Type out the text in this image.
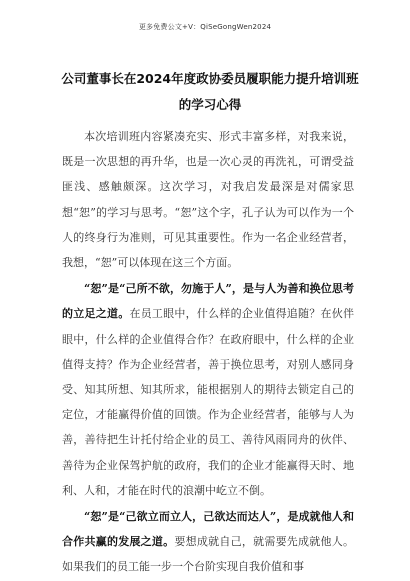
更多免费公文+V：QiSeGongWen2024
公司董事长在2024年度政协委员履职能力提升培训班的学习心得

本次培训班内容紧凑充实、形式丰富多样，对我来说，既是一次思想的再升华，也是一次心灵的再洗礼，可谓受益匪浅、感触颇深。这次学习，对我启发最深是对儒家思想“恕”的学习与思考。“恕”这个字，孔子认为可以作为一个人的终身行为准则，可见其重要性。作为一名企业经营者，我想，“恕”可以体现在这三个方面。

“恕”是“己所不欲，勿施于人”，是与人为善和换位思考的立足之道。在员工眼中，什么样的企业值得追随？在伙伴眼中，什么样的企业值得合作？在政府眼中，什么样的企业值得支持？作为企业经营者，善于换位思考，对别人感同身受、知其所想、知其所求，能根据别人的期待去锁定自己的定位，才能赢得价值的回馈。作为企业经营者，能够与人为善，善待把生计托付给企业的员工、善待风雨同舟的伙伴、善待为企业保驾护航的政府，我们的企业才能赢得天时、地利、人和，才能在时代的浪潮中屹立不倒。

“恕”是“己欲立而立人，己欲达而达人”，是成就他人和合作共赢的发展之道。要想成就自己，就需要先成就他人。如果我们的员工能一步一个台阶实现自我价值和事
